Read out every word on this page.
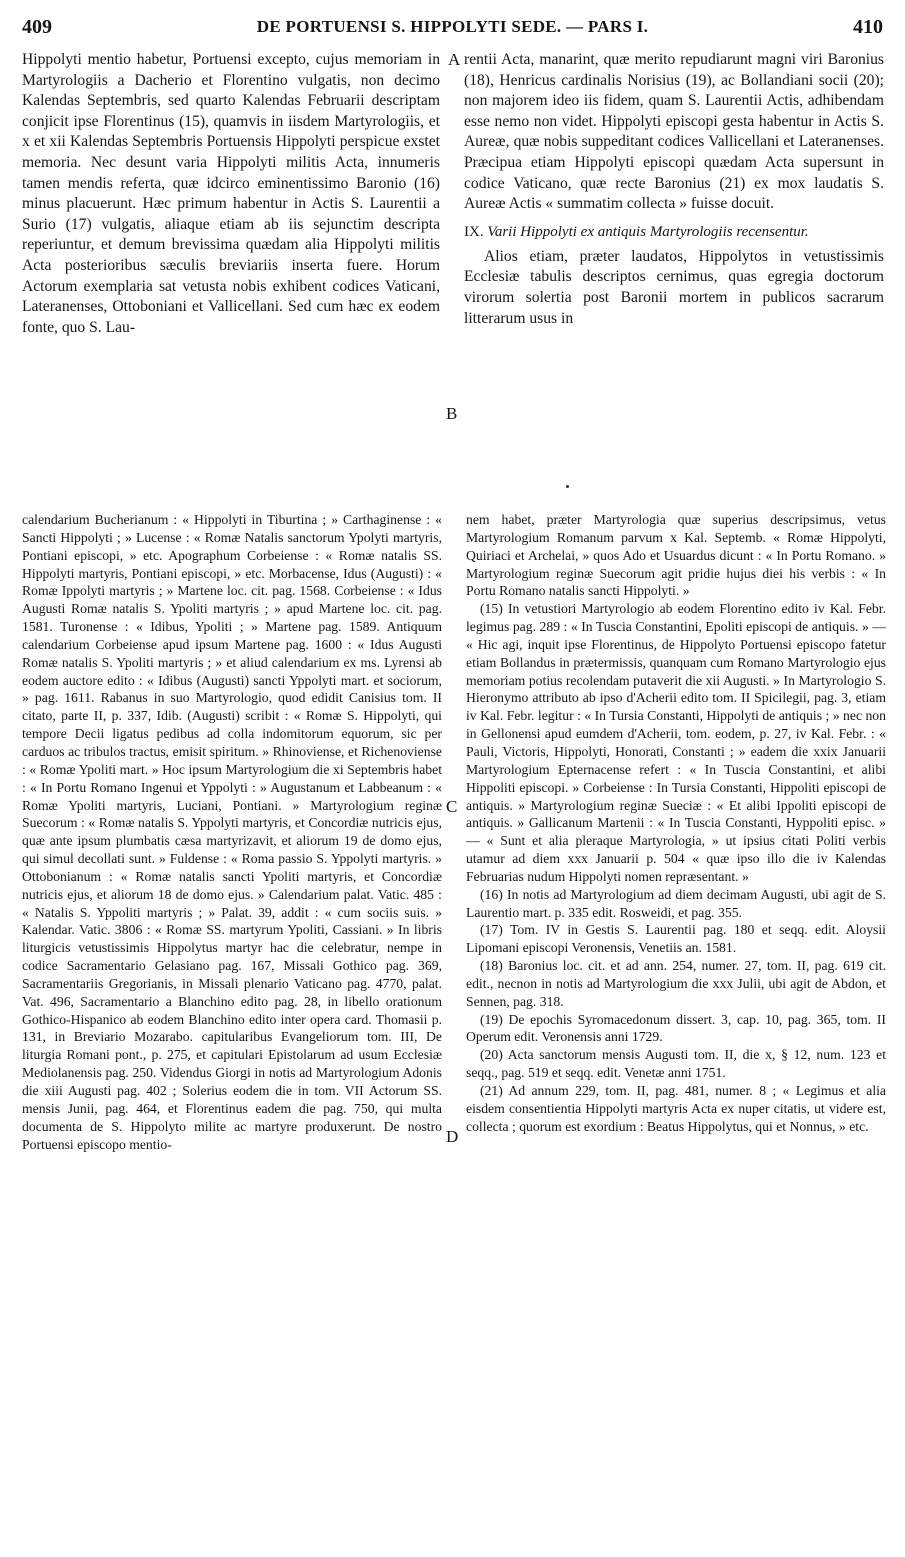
409	DE PORTUENSI S. HIPPOLYTI SEDE. — PARS I.	410

Hippolyti mentio habetur, Portuensi excepto, cujus memoriam in Martyrologiis a Dacherio et Florentino vulgatis, non decimo Kalendas Septembris, sed quarto Kalendas Februarii descriptam conjicit ipse Florentinus (15), quamvis in iisdem Martyrologiis, et x et xii Kalendas Septembris Portuensis Hippolyti perspicue exstet memoria. Nec desunt varia Hippolyti militis Acta, innumeris tamen mendis referta, quæ idcirco eminentissimo Baronio (16) minus placuerunt. Hæc primum habentur in Actis S. Laurentii a Surio (17) vulgatis, aliaque etiam ab iis sejunctim descripta reperiuntur, et demum brevissima quædam alia Hippolyti militis Acta posterioribus sæculis breviariis inserta fuere. Horum Actorum exemplaria sat vetusta nobis exhibent codices Vaticani, Lateranenses, Ottoboniani et Vallicellani. Sed cum hæc ex eodem fonte, quo S. Lau-

rentii Acta, manarint, quæ merito repudiarunt magni viri Baronius (18), Henricus cardinalis Norisius (19), ac Bollandiani socii (20); non majorem ideo iis fidem, quam S. Laurentii Actis, adhibendam esse nemo non videt. Hippolyti episcopi gesta habentur in Actis S. Aureæ, quæ nobis suppeditant codices Vallicellani et Lateranenses. Præcipua etiam Hippolyti episcopi quædam Acta supersunt in codice Vaticano, quæ recte Baronius (21) ex mox laudatis S. Aureæ Actis « summatim collecta » fuisse docuit.

IX. Varii Hippolyti ex antiquis Martyrologiis recensentur.

Alios etiam, præter laudatos, Hippolytos in vetustissimis Ecclesiæ tabulis descriptos cernimus, quas egregia doctorum virorum solertia post Baronii mortem in publicos sacrarum litterarum usus in

A
B
C
D

calendarium Bucherianum : « Hippolyti in Tiburtina ; » Carthaginense : « Sancti Hippolyti ; » Lucense : « Romæ Natalis sanctorum Ypolyti martyris, Pontiani episcopi, » etc. Apographum Corbeiense : « Romæ natalis SS. Hippolyti martyris, Pontiani episcopi, » etc. Morbacense, Idus (Augusti) : « Romæ Ippolyti martyris ; » Martene loc. cit. pag. 1568. Corbeiense : « Idus Augusti Romæ natalis S. Ypoliti martyris ; » apud Martene loc. cit. pag. 1581. Turonense : « Idibus, Ypoliti ; » Martene pag. 1589. Antiquum calendarium Corbeiense apud ipsum Martene pag. 1600 : « Idus Augusti Romæ natalis S. Ypoliti martyris ; » et aliud calendarium ex ms. Lyrensi ab eodem auctore edito : « Idibus (Augusti) sancti Yppolyti mart. et sociorum, » pag. 1611. Rabanus in suo Martyrologio, quod edidit Canisius tom. II citato, parte II, p. 337, Idib. (Augusti) scribit : « Romæ S. Hippolyti, qui tempore Decii ligatus pedibus ad colla indomitorum equorum, sic per carduos ac tribulos tractus, emisit spiritum. » Rhinoviense, et Richenoviense : « Romæ Ypoliti mart. » Hoc ipsum Martyrologium die xi Septembris habet : « In Portu Romano Ingenui et Yppolyti : » Augustanum et Labbeanum : « Romæ Ypoliti martyris, Luciani, Pontiani. » Martyrologium reginæ Suecorum : « Romæ natalis S. Yppolyti martyris, et Concordiæ nutricis ejus, quæ ante ipsum plumbatis cæsa martyrizavit, et aliorum 19 de domo ejus, qui simul decollati sunt. » Fuldense : « Roma passio S. Yppolyti martyris. » Ottobonianum : « Romæ natalis sancti Ypoliti martyris, et Concordiæ nutricis ejus, et aliorum 18 de domo ejus. » Calendarium palat. Vatic. 485 : « Natalis S. Yppoliti martyris ; » Palat. 39, addit : « cum sociis suis. » Kalendar. Vatic. 3806 : « Romæ SS. martyrum Ypoliti, Cassiani. » In libris liturgicis vetustissimis Hippolytus martyr hac die celebratur, nempe in codice Sacramentario Gelasiano pag. 167, Missali Gothico pag. 369, Sacramentariis Gregorianis, in Missali plenario Vaticano pag. 4770, palat. Vat. 496, Sacramentario a Blanchino edito pag. 28, in libello orationum Gothico-Hispanico ab eodem Blanchino edito inter opera card. Thomasii p. 131, in Breviario Mozarabo. capitularibus Evangeliorum tom. III, De liturgia Romani pont., p. 275, et capitulari Epistolarum ad usum Ecclesiæ Mediolanensis pag. 250. Videndus Giorgi in notis ad Martyrologium Adonis die xiii Augusti pag. 402 ; Solerius eodem die in tom. VII Actorum SS. mensis Junii, pag. 464, et Florentinus eadem die pag. 750, qui multa documenta de S. Hippolyto milite ac martyre produxerunt. De nostro Portuensi episcopo mentio-

nem habet, præter Martyrologia quæ superius descripsimus, vetus Martyrologium Romanum parvum x Kal. Septemb. « Romæ Hippolyti, Quiriaci et Archelai, » quos Ado et Usuardus dicunt : « In Portu Romano. » Martyrologium reginæ Suecorum agit pridie hujus diei his verbis : « In Portu Romano natalis sancti Hippolyti. »

(15) In vetustiori Martyrologio ab eodem Florentino edito iv Kal. Febr. legimus pag. 289 : « In Tuscia Constantini, Epoliti episcopi de antiquis. » — « Hic agi, inquit ipse Florentinus, de Hippolyto Portuensi episcopo fatetur etiam Bollandus in prætermissis, quanquam cum Romano Martyrologio ejus memoriam potius recolendam putaverit die xii Augusti. » In Martyrologio S. Hieronymo attributo ab ipso d'Acherii edito tom. II Spicilegii, pag. 3, etiam iv Kal. Febr. legitur : « In Tursia Constanti, Hippolyti de antiquis ; » nec non in Gellonensi apud eumdem d'Acherii, tom. eodem, p. 27, iv Kal. Febr. : « Pauli, Victoris, Hippolyti, Honorati, Constanti ; » eadem die xxix Januarii Martyrologium Epternacense refert : « In Tuscia Constantini, et alibi Hippoliti episcopi. » Corbeiense : In Tursia Constanti, Hippoliti episcopi de antiquis. » Martyrologium reginæ Sueciæ : « Et alibi Ippoliti episcopi de antiquis. » Gallicanum Martenii : « In Tuscia Constanti, Hyppoliti episc. » — « Sunt et alia pleraque Martyrologia, » ut ipsius citati Politi verbis utamur ad diem xxx Januarii p. 504 « quæ ipso illo die iv Kalendas Februarias nudum Hippolyti nomen repræsentant. »

(16) In notis ad Martyrologium ad diem decimam Augusti, ubi agit de S. Laurentio mart. p. 335 edit. Rosweidi, et pag. 355.

(17) Tom. IV in Gestis S. Laurentii pag. 180 et seqq. edit. Aloysii Lipomani episcopi Veronensis, Venetiis an. 1581.

(18) Baronius loc. cit. et ad ann. 254, numer. 27, tom. II, pag. 619 cit. edit., necnon in notis ad Martyrologium die xxx Julii, ubi agit de Abdon, et Sennen, pag. 318.

(19) De epochis Syromacedonum dissert. 3, cap. 10, pag. 365, tom. II Operum edit. Veronensis anni 1729.

(20) Acta sanctorum mensis Augusti tom. II, die x, § 12, num. 123 et seqq., pag. 519 et seqq. edit. Venetæ anni 1751.

(21) Ad annum 229, tom. II, pag. 481, numer. 8 ; « Legimus et alia eisdem consentientia Hippolyti martyris Acta ex nuper citatis, ut videre est, collecta ; quorum est exordium : Beatus Hippolytus, qui et Nonnus, » etc.
